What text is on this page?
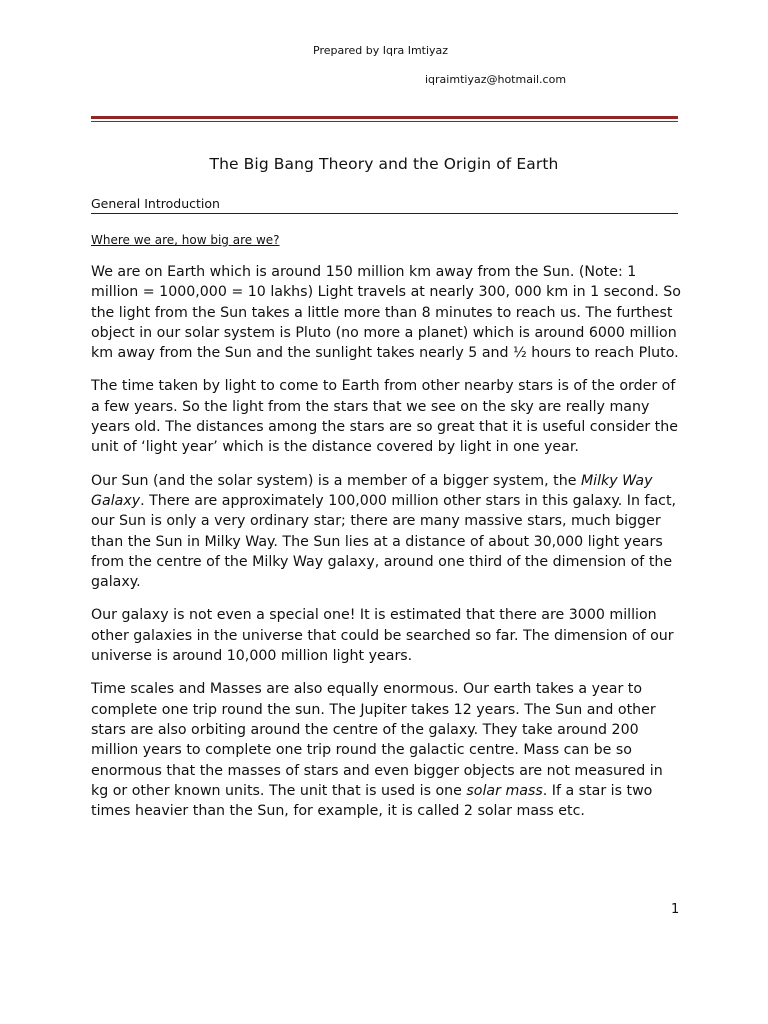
Prepared by Iqra Imtiyaz
iqraimtiyaz@hotmail.com
The Big Bang Theory and the Origin of Earth
General Introduction
Where we are, how big are we?

We are on Earth which is around 150 million km away from the Sun. (Note: 1 million = 1000,000 = 10 lakhs) Light travels at nearly 300, 000 km in 1 second. So the light from the Sun takes a little more than 8 minutes to reach us. The furthest object in our solar system is Pluto (no more a planet) which is around 6000 million km away from the Sun and the sunlight takes nearly 5 and ½ hours to reach Pluto.

The time taken by light to come to Earth from other nearby stars is of the order of a few years. So the light from the stars that we see on the sky are really many years old. The distances among the stars are so great that it is useful consider the unit of ‘light year’ which is the distance covered by light in one year.

Our Sun (and the solar system) is a member of a bigger system, the Milky Way Galaxy. There are approximately 100,000 million other stars in this galaxy. In fact, our Sun is only a very ordinary star; there are many massive stars, much bigger than the Sun in Milky Way. The Sun lies at a distance of about 30,000 light years from the centre of the Milky Way galaxy, around one third of the dimension of the galaxy.

Our galaxy is not even a special one! It is estimated that there are 3000 million other galaxies in the universe that could be searched so far. The dimension of our universe is around 10,000 million light years.

Time scales and Masses are also equally enormous. Our earth takes a year to complete one trip round the sun. The Jupiter takes 12 years. The Sun and other stars are also orbiting around the centre of the galaxy. They take around 200 million years to complete one trip round the galactic centre. Mass can be so enormous that the masses of stars and even bigger objects are not measured in kg or other known units. The unit that is used is one solar mass. If a star is two times heavier than the Sun, for example, it is called 2 solar mass etc.

1
